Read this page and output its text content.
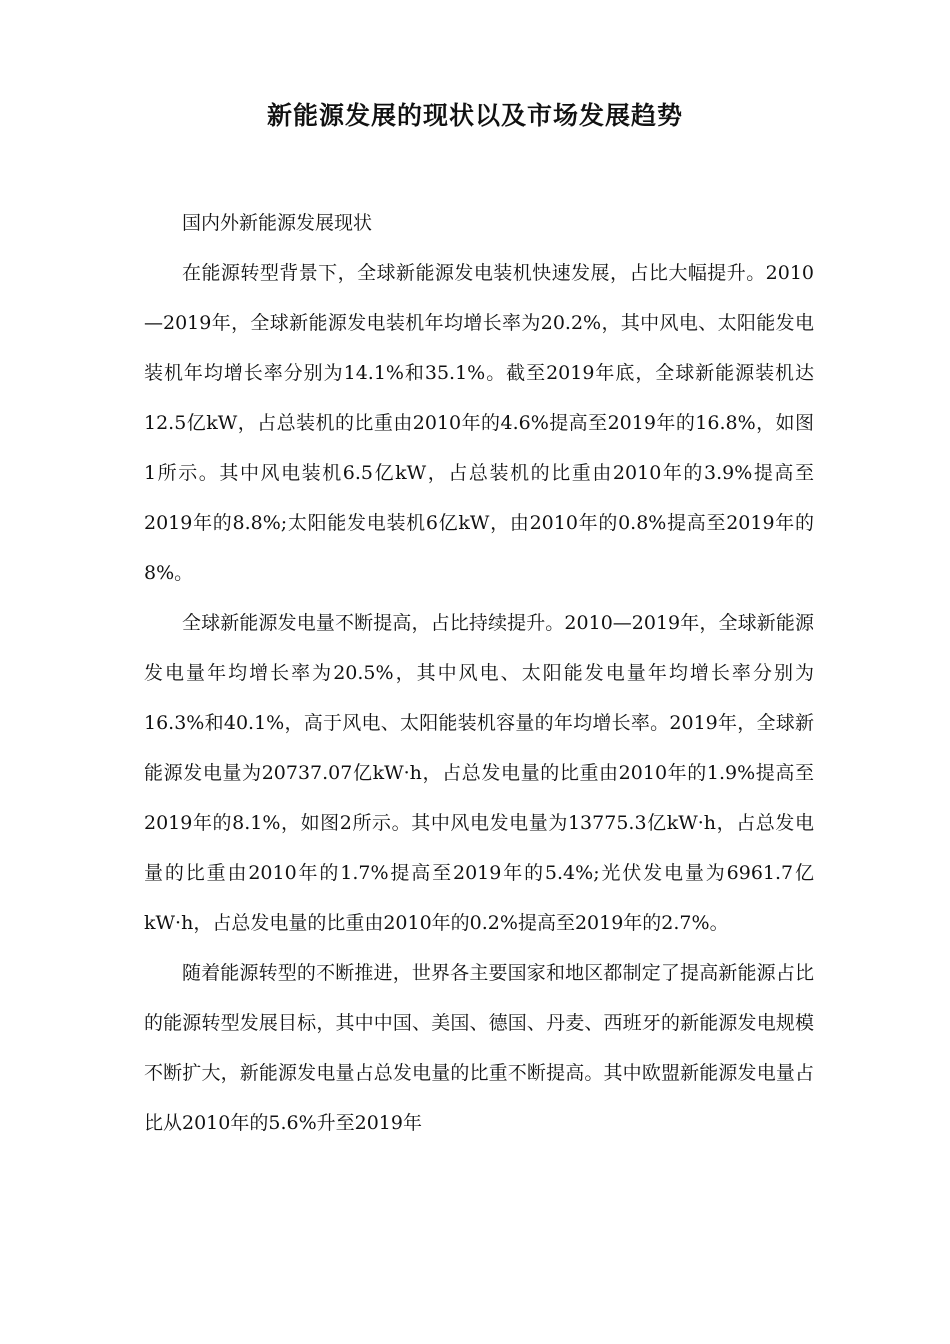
新能源发展的现状以及市场发展趋势

国内外新能源发展现状

在能源转型背景下，全球新能源发电装机快速发展，占比大幅提升。2010—2019年，全球新能源发电装机年均增长率为20.2%，其中风电、太阳能发电装机年均增长率分别为14.1%和35.1%。截至2019年底，全球新能源装机达12.5亿kW，占总装机的比重由2010年的4.6%提高至2019年的16.8%，如图1所示。其中风电装机6.5亿kW，占总装机的比重由2010年的3.9%提高至2019年的8.8%;太阳能发电装机6亿kW，由2010年的0.8%提高至2019年的8%。

全球新能源发电量不断提高，占比持续提升。2010—2019年，全球新能源发电量年均增长率为20.5%，其中风电、太阳能发电量年均增长率分别为16.3%和40.1%，高于风电、太阳能装机容量的年均增长率。2019年，全球新能源发电量为20737.07亿kW·h，占总发电量的比重由2010年的1.9%提高至2019年的8.1%，如图2所示。其中风电发电量为13775.3亿kW·h，占总发电量的比重由2010年的1.7%提高至2019年的5.4%;光伏发电量为6961.7亿kW·h，占总发电量的比重由2010年的0.2%提高至2019年的2.7%。

随着能源转型的不断推进，世界各主要国家和地区都制定了提高新能源占比的能源转型发展目标，其中中国、美国、德国、丹麦、西班牙的新能源发电规模不断扩大，新能源发电量占总发电量的比重不断提高。其中欧盟新能源发电量占比从2010年的5.6%升至2019年
